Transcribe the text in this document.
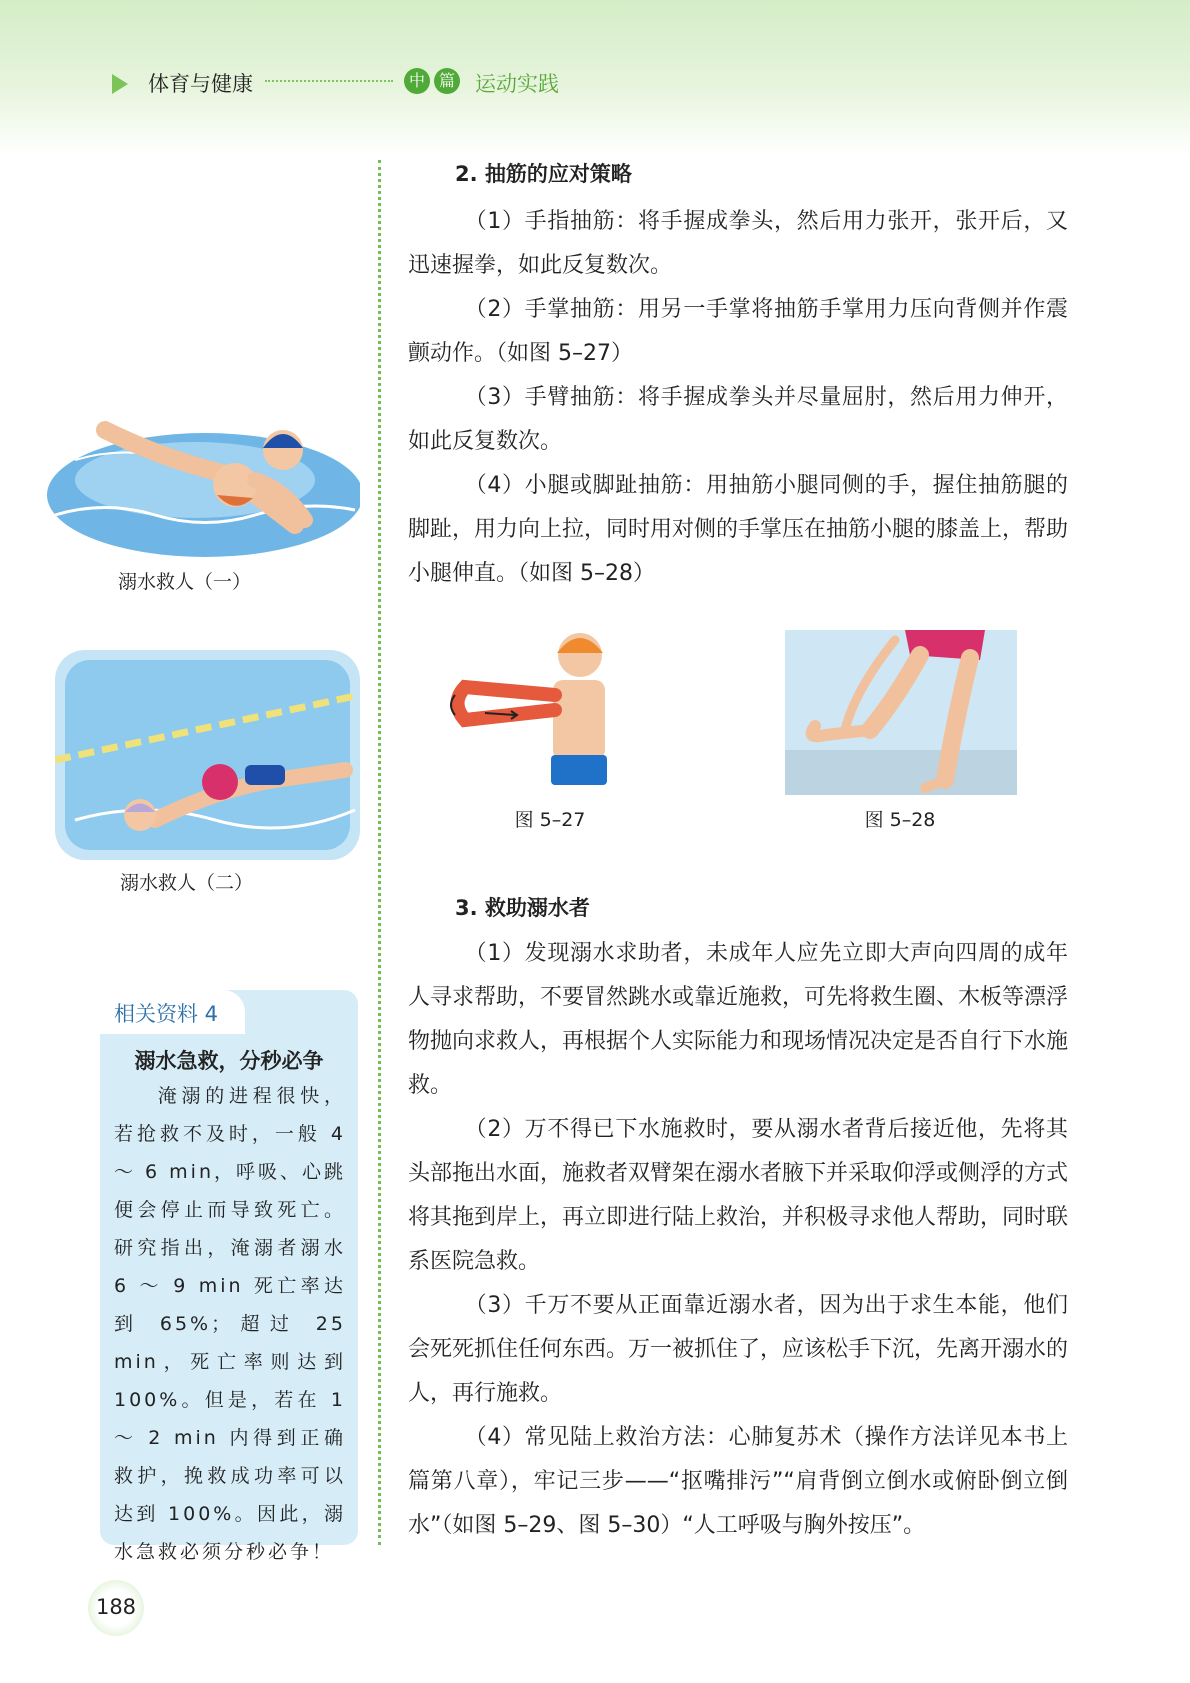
体育与健康	中 篇 运动实践
溺水救人（一）
溺水救人（二）
相关资料 4
溺水急救，分秒必争

淹溺的进程很快，若抢救不及时，一般 4 ～ 6 min，呼吸、心跳便会停止而导致死亡。研究指出，淹溺者溺水 6 ～ 9 min 死亡率达到 65%；超过 25 min，死亡率则达到 100%。但是，若在 1 ～ 2 min 内得到正确救护，挽救成功率可以达到 100%。因此，溺水急救必须分秒必争！

2. 抽筋的应对策略

（1）手指抽筋：将手握成拳头，然后用力张开，张开后，又迅速握拳，如此反复数次。

（2）手掌抽筋：用另一手掌将抽筋手掌用力压向背侧并作震颤动作。（如图 5–27）

（3）手臂抽筋：将手握成拳头并尽量屈肘，然后用力伸开，如此反复数次。

（4）小腿或脚趾抽筋：用抽筋小腿同侧的手，握住抽筋腿的脚趾，用力向上拉，同时用对侧的手掌压在抽筋小腿的膝盖上，帮助小腿伸直。（如图 5–28）

图 5–27	图 5–28
3. 救助溺水者

（1）发现溺水求助者，未成年人应先立即大声向四周的成年人寻求帮助，不要冒然跳水或靠近施救，可先将救生圈、木板等漂浮物抛向求救人，再根据个人实际能力和现场情况决定是否自行下水施救。

（2）万不得已下水施救时，要从溺水者背后接近他，先将其头部拖出水面，施救者双臂架在溺水者腋下并采取仰浮或侧浮的方式将其拖到岸上，再立即进行陆上救治，并积极寻求他人帮助，同时联系医院急救。

（3）千万不要从正面靠近溺水者，因为出于求生本能，他们会死死抓住任何东西。万一被抓住了，应该松手下沉，先离开溺水的人，再行施救。

（4）常见陆上救治方法：心肺复苏术（操作方法详见本书上篇第八章），牢记三步——“抠嘴排污”“肩背倒立倒水或俯卧倒立倒水”（如图 5–29、图 5–30）“人工呼吸与胸外按压”。

188
